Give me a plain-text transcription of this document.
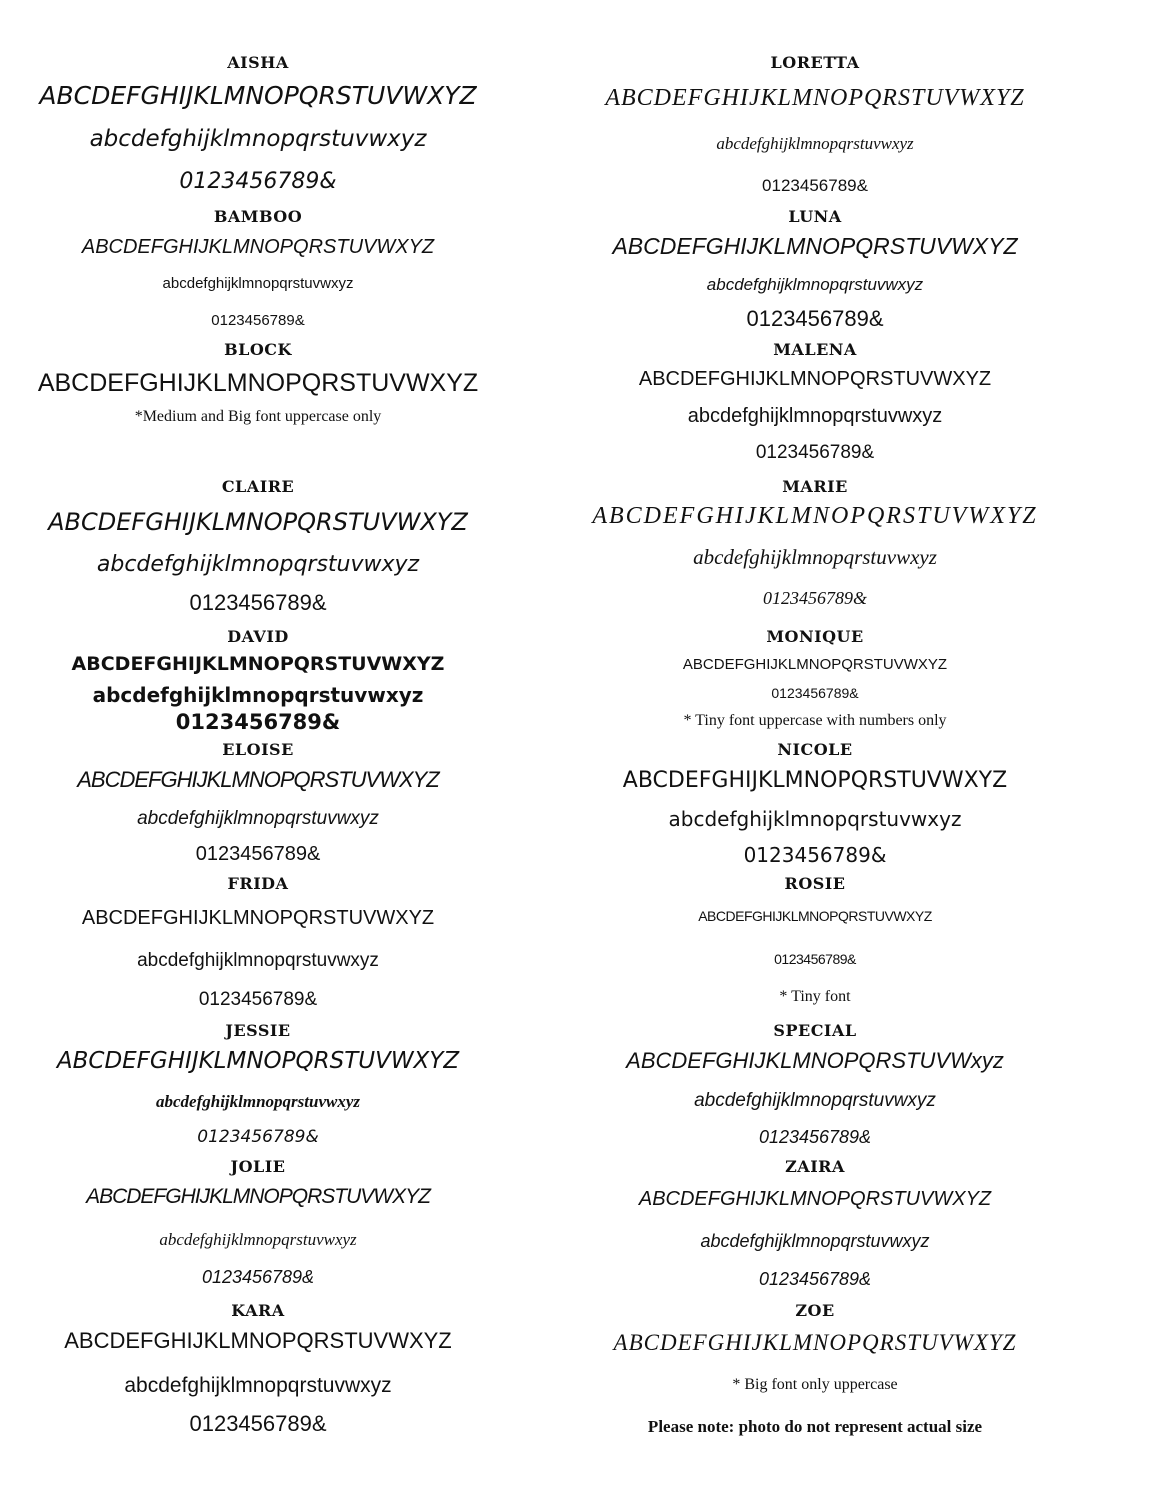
AISHA
ABCDEFGHIJKLMNOPQRSTUVWXYZ
abcdefghijklmnopqrstuvwxyz
0123456789&
BAMBOO
ABCDEFGHIJKLMNOPQRSTUVWXYZ
abcdefghijklmnopqrstuvwxyz
0123456789&
BLOCK
ABCDEFGHIJKLMNOPQRSTUVWXYZ
*Medium and Big font uppercase only
CLAIRE
ABCDEFGHIJKLMNOPQRSTUVWXYZ
abcdefghijklmnopqrstuvwxyz
0123456789&
DAVID
ABCDEFGHIJKLMNOPQRSTUVWXYZ
abcdefghijklmnopqrstuvwxyz
0123456789&
ELOISE
ABCDEFGHIJKLMNOPQRSTUVWXYZ
abcdefghijklmnopqrstuvwxyz
0123456789&
FRIDA
ABCDEFGHIJKLMNOPQRSTUVWXYZ
abcdefghijklmnopqrstuvwxyz
0123456789&
JESSIE
ABCDEFGHIJKLMNOPQRSTUVWXYZ
abcdefghijklmnopqrstuvwxyz
0123456789&
JOLIE
ABCDEFGHIJKLMNOPQRSTUVWXYZ
abcdefghijklmnopqrstuvwxyz
0123456789&
KARA
ABCDEFGHIJKLMNOPQRSTUVWXYZ
abcdefghijklmnopqrstuvwxyz
0123456789&
LORETTA
ABCDEFGHIJKLMNOPQRSTUVWXYZ
abcdefghijklmnopqrstuvwxyz
0123456789&
LUNA
ABCDEFGHIJKLMNOPQRSTUVWXYZ
abcdefghijklmnopqrstuvwxyz
0123456789&
MALENA
ABCDEFGHIJKLMNOPQRSTUVWXYZ
abcdefghijklmnopqrstuvwxyz
0123456789&
MARIE
ABCDEFGHIJKLMNOPQRSTUVWXYZ
abcdefghijklmnopqrstuvwxyz
0123456789&
MONIQUE
ABCDEFGHIJKLMNOPQRSTUVWXYZ
0123456789&
* Tiny font uppercase with numbers only
NICOLE
ABCDEFGHIJKLMNOPQRSTUVWXYZ
abcdefghijklmnopqrstuvwxyz
0123456789&
ROSIE
ABCDEFGHIJKLMNOPQRSTUVWXYZ
0123456789&
* Tiny font
SPECIAL
ABCDEFGHIJKLMNOPQRSTUVWxyz
abcdefghijklmnopqrstuvwxyz
0123456789&
ZAIRA
ABCDEFGHIJKLMNOPQRSTUVWXYZ
abcdefghijklmnopqrstuvwxyz
0123456789&
ZOE
ABCDEFGHIJKLMNOPQRSTUVWXYZ
* Big font only uppercase
Please note: photo do not represent actual size
